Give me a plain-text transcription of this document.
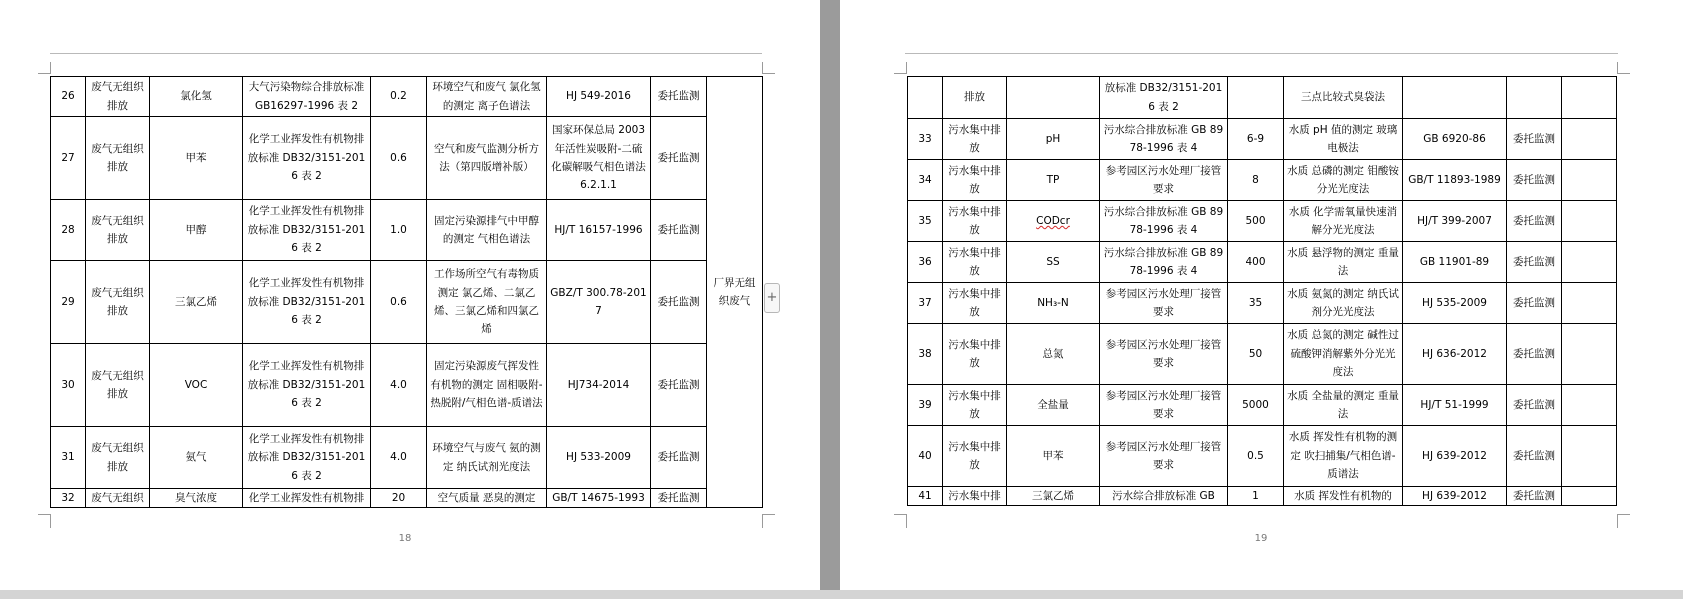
26	废气无组织排放	氯化氢	大气污染物综合排放标准GB16297-1996 表 2	0.2	环境空气和废气 氯化氢的测定 离子色谱法	HJ 549-2016	委托监测	厂界无组织废气
27	废气无组织排放	甲苯	化学工业挥发性有机物排放标准 DB32/3151-2016 表 2	0.6	空气和废气监测分析方法（第四版增补版）	国家环保总局 2003 年活性炭吸附-二硫化碳解吸气相色谱法 6.2.1.1	委托监测	
28	废气无组织排放	甲醇	化学工业挥发性有机物排放标准 DB32/3151-2016 表 2	1.0	固定污染源排气中甲醇的测定 气相色谱法	HJ/T 16157-1996	委托监测	
29	废气无组织排放	三氯乙烯	化学工业挥发性有机物排放标准 DB32/3151-2016 表 2	0.6	工作场所空气有毒物质测定 氯乙烯、二氯乙烯、三氯乙烯和四氯乙烯	GBZ/T 300.78-2017	委托监测	
30	废气无组织排放	VOC	化学工业挥发性有机物排放标准 DB32/3151-2016 表 2	4.0	固定污染源废气挥发性有机物的测定 固相吸附-热脱附/气相色谱-质谱法	HJ734-2014	委托监测	
31	废气无组织排放	氨气	化学工业挥发性有机物排放标准 DB32/3151-2016 表 2	4.0	环境空气与废气 氨的测定 纳氏试剂光度法	HJ 533-2009	委托监测	
32	废气无组织	臭气浓度	化学工业挥发性有机物排	20	空气质量 恶臭的测定	GB/T 14675-1993	委托监测	
+
18	19
	排放		放标准 DB32/3151-2016 表 2		三点比较式臭袋法			
33	污水集中排放	pH	污水综合排放标准 GB 8978-1996 表 4	6-9	水质 pH 值的测定 玻璃电极法	GB 6920-86	委托监测	
34	污水集中排放	TP	参考园区污水处理厂接管要求	8	水质 总磷的测定 钼酸铵分光光度法	GB/T 11893-1989	委托监测	
35	污水集中排放	CODcr	污水综合排放标准 GB 8978-1996 表 4	500	水质 化学需氧量快速消解分光光度法	HJ/T 399-2007	委托监测	
36	污水集中排放	SS	污水综合排放标准 GB 8978-1996 表 4	400	水质 悬浮物的测定 重量法	GB 11901-89	委托监测	
37	污水集中排放	NH₃-N	参考园区污水处理厂接管要求	35	水质 氨氮的测定 纳氏试剂分光光度法	HJ 535-2009	委托监测	
38	污水集中排放	总氮	参考园区污水处理厂接管要求	50	水质 总氮的测定 碱性过硫酸钾消解紫外分光光度法	HJ 636-2012	委托监测	
39	污水集中排放	全盐量	参考园区污水处理厂接管要求	5000	水质 全盐量的测定 重量法	HJ/T 51-1999	委托监测	
40	污水集中排放	甲苯	参考园区污水处理厂接管要求	0.5	水质 挥发性有机物的测定 吹扫捕集/气相色谱-质谱法	HJ 639-2012	委托监测	
41	污水集中排	三氯乙烯	污水综合排放标准 GB	1	水质 挥发性有机物的	HJ 639-2012	委托监测	
